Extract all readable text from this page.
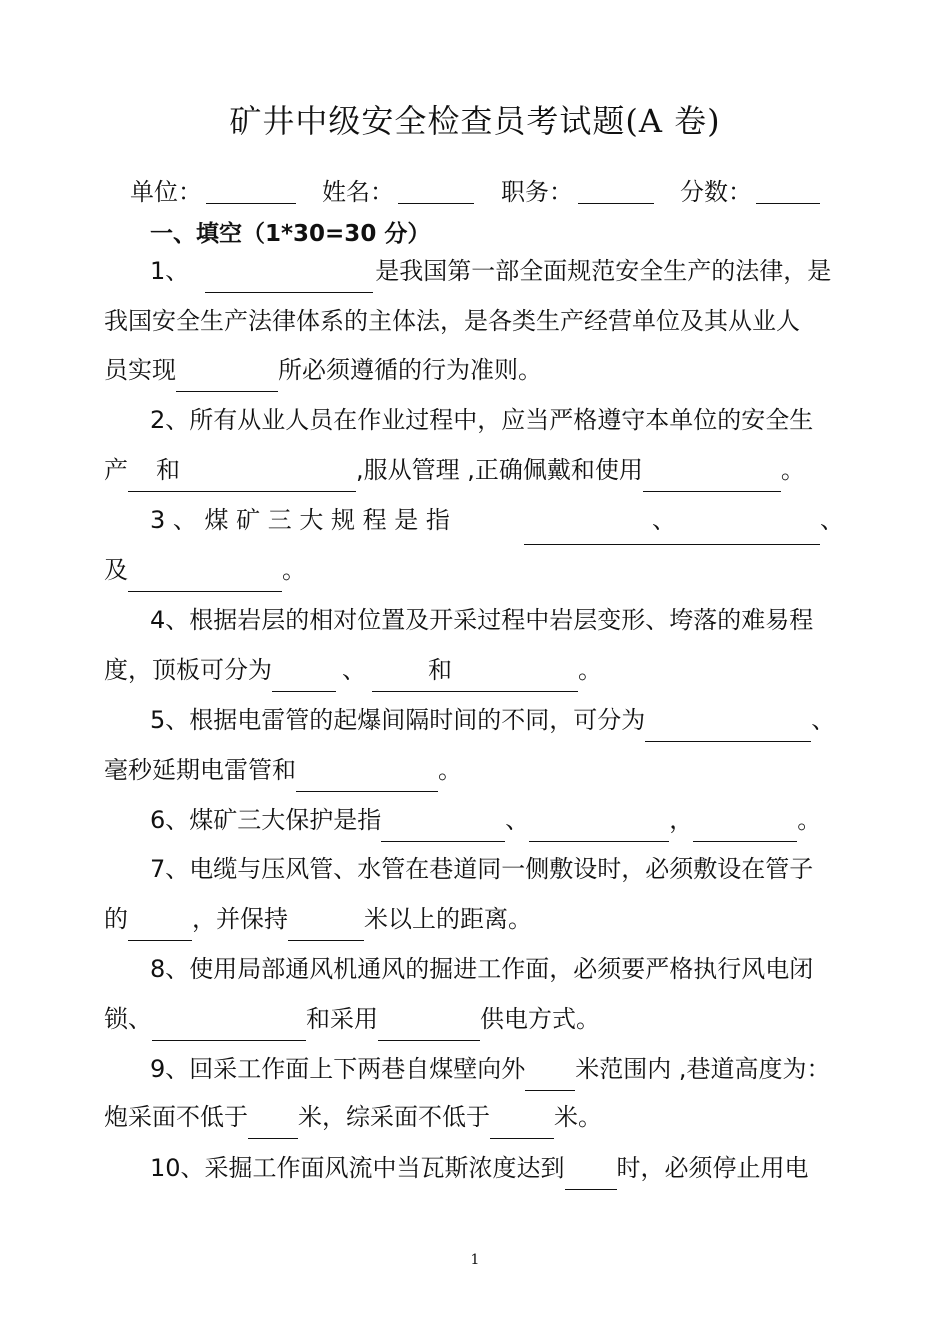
矿井中级安全检查员考试题(A 卷)
单位：	姓名：	职务：	分数：
一、填空（1*30=30 分）
1、	是我国第一部全面规范安全生产的法律，是
我国安全生产法律体系的主体法，是各类生产经营单位及其从业人
员实现	所必须遵循的行为准则。
2、所有从业人员在作业过程中，应当严格遵守本单位的安全生
产 和	,服从管理 ,正确佩戴和使用	。
3 、 煤 矿 三 大 规 程 是 指	、	、
及	。
4、根据岩层的相对位置及开采过程中岩层变形、垮落的难易程
度，顶板可分为	、	和	。
5、根据电雷管的起爆间隔时间的不同，可分为	、
毫秒延期电雷管和	。
6、煤矿三大保护是指	、	，	。
7、电缆与压风管、水管在巷道同一侧敷设时，必须敷设在管子
的	，并保持	米以上的距离。
8、使用局部通风机通风的掘进工作面，必须要严格执行风电闭
锁、	和采用	供电方式。
9、回采工作面上下两巷自煤壁向外 米范围内 ,巷道高度为：
炮采面不低于 米，综采面不低于	米。
10、采掘工作面风流中当瓦斯浓度达到 时，必须停止用电
1
